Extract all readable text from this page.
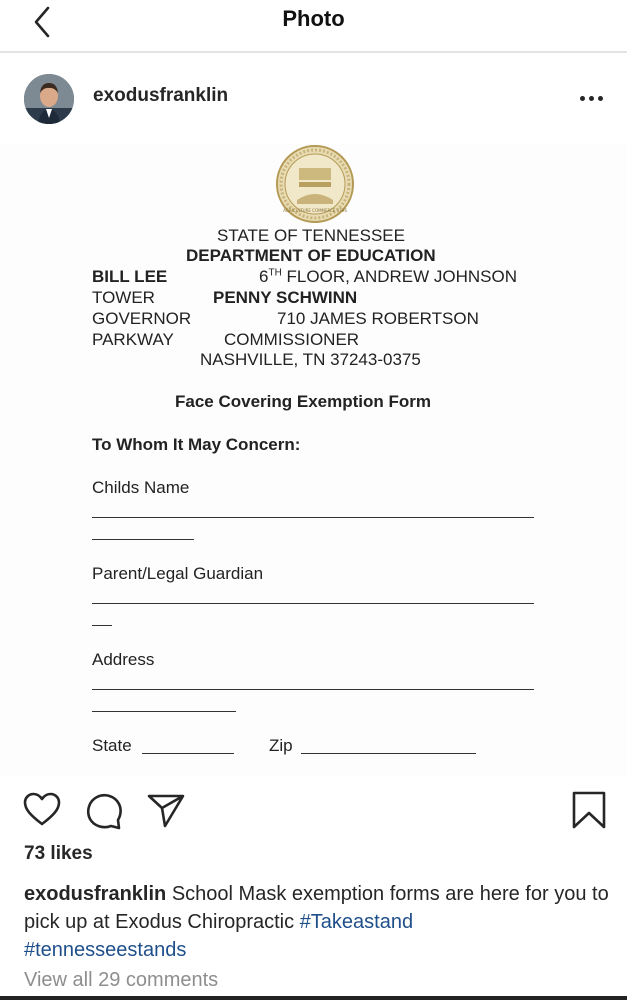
Photo
exodusfranklin
AGRICULTURE COMMERCE 1796
STATE OF TENNESSEE
DEPARTMENT OF EDUCATION
BILL LEE	6TH FLOOR, ANDREW JOHNSON
TOWER	PENNY SCHWINN
GOVERNOR	710 JAMES ROBERTSON
PARKWAY	COMMISSIONER
NASHVILLE, TN 37243-0375
Face Covering Exemption Form
To Whom It May Concern:
Childs Name
Parent/Legal Guardian
Address
State	Zip
73 likes
exodusfranklin School Mask exemption forms are here for you to pick up at Exodus Chiropractic #Takeastand
#tennesseestands
View all 29 comments
